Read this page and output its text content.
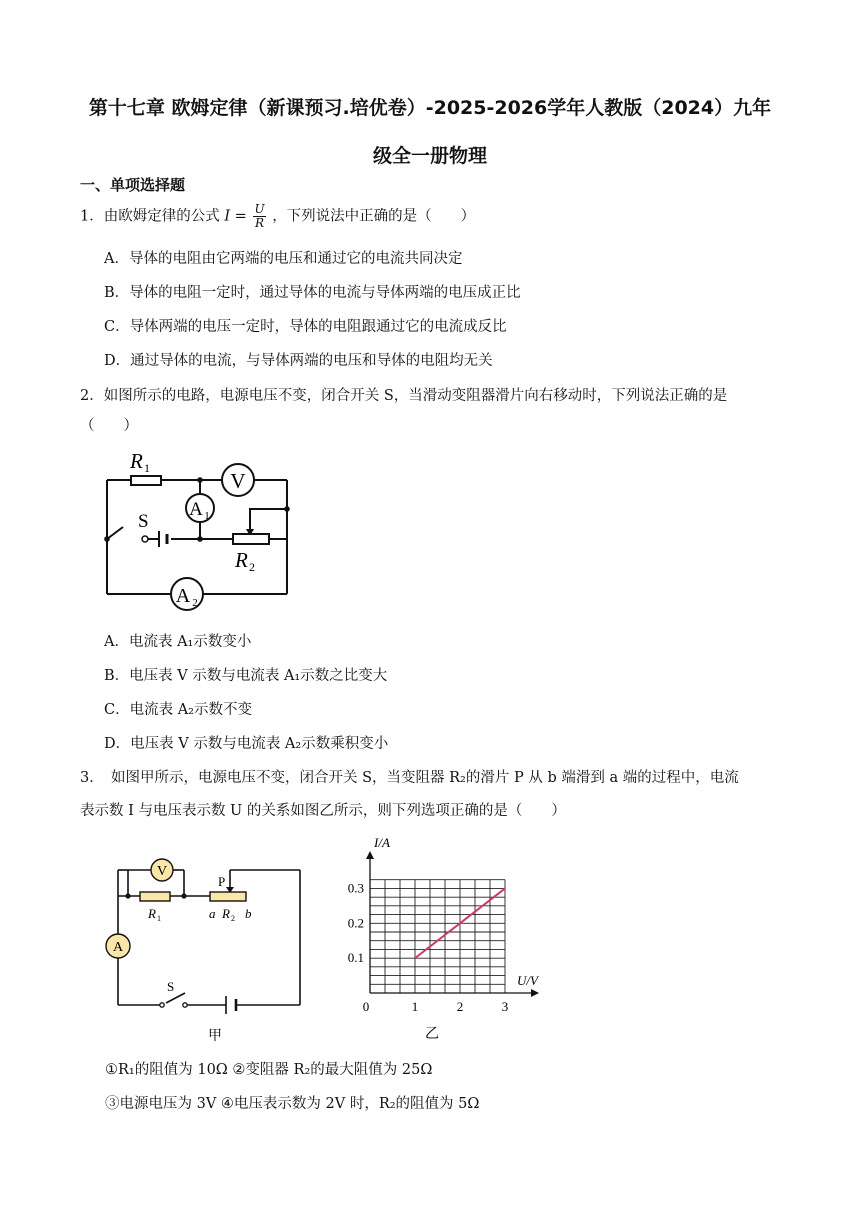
第十七章 欧姆定律（新课预习.培优卷）-2025-2026学年人教版（2024）九年
级全一册物理
一、单项选择题
1．由欧姆定律的公式 $I = \frac{U}{R}$ ，下列说法中正确的是（　　）
A．导体的电阻由它两端的电压和通过它的电流共同决定
B．导体的电阻一定时，通过导体的电流与导体两端的电压成正比
C．导体两端的电压一定时，导体的电阻跟通过它的电流成反比
D．通过导体的电流，与导体两端的电压和导体的电阻均无关
2．如图所示的电路，电源电压不变，闭合开关 S，当滑动变阻器滑片向右移动时，下列说法正确的是
（　　）
V
A 1
A 2
R 1
R 2
S
A．电流表 A₁示数变小
B．电压表 V 示数与电流表 A₁示数之比变大
C．电流表 A₂示数不变
D．电压表 V 示数与电流表 A₂示数乘积变小
3．　如图甲所示，电源电压不变，闭合开关 S，当变阻器 R₂的滑片 P 从 b 端滑到 a 端的过程中，电流
表示数 I 与电压表示数 U 的关系如图乙所示，则下列选项正确的是（　　）
V
A
R 1	R 2
P
a b
S
甲
0	1	2	3
0.1
0.2
0.3
U/V
I/A
乙
①R₁的阻值为 10Ω ②变阻器 R₂的最大阻值为 25Ω
③电源电压为 3V ④电压表示数为 2V 时，R₂的阻值为 5Ω
